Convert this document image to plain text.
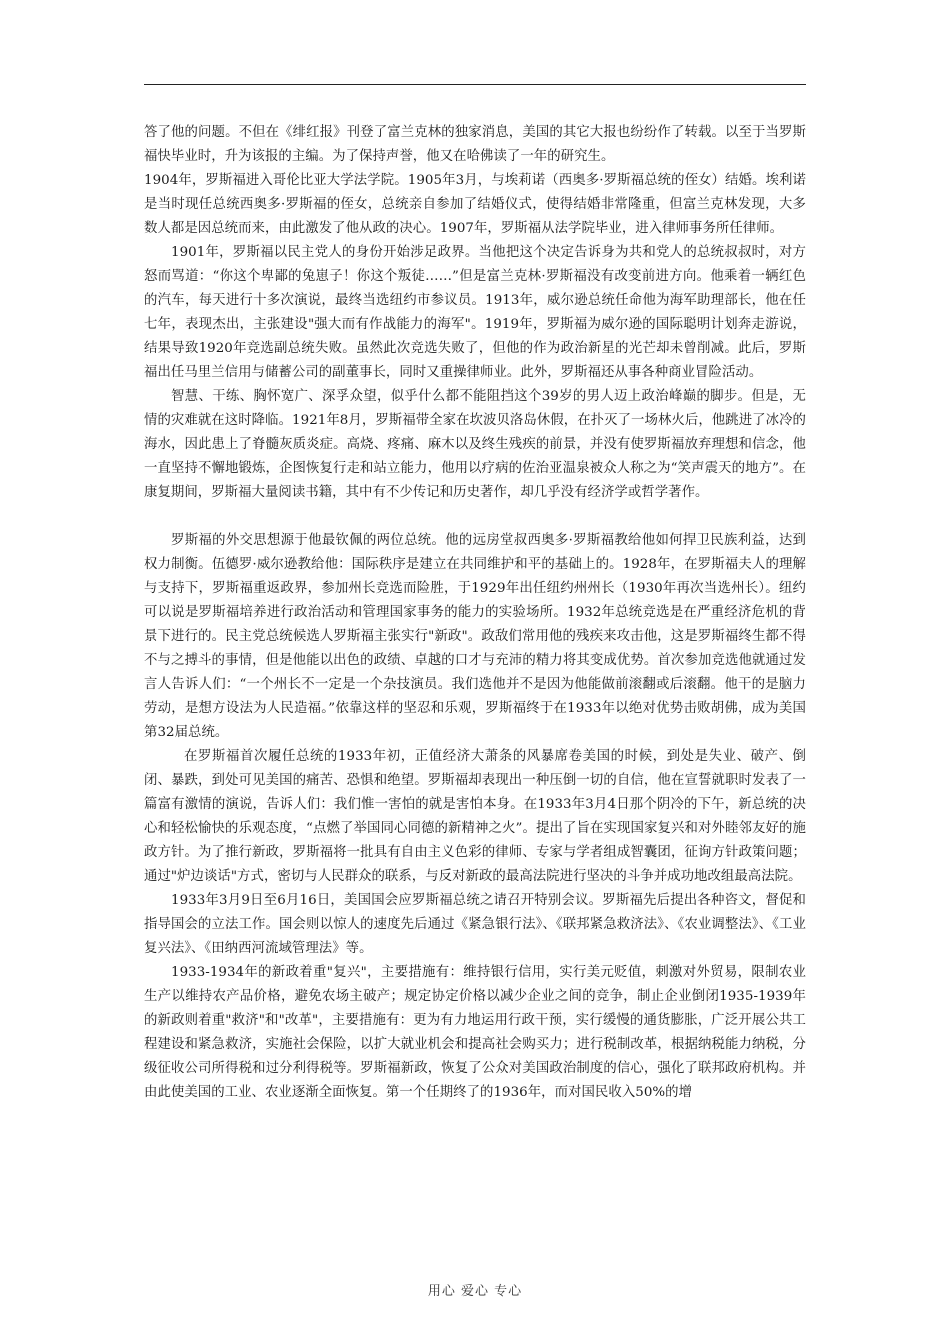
答了他的问题。不但在《绯红报》刊登了富兰克林的独家消息，美国的其它大报也纷纷作了转载。以至于当罗斯福快毕业时，升为该报的主编。为了保持声誉，他又在哈佛读了一年的研究生。

1904年，罗斯福进入哥伦比亚大学法学院。1905年3月，与埃莉诺（西奥多·罗斯福总统的侄女）结婚。埃利诺是当时现任总统西奥多·罗斯福的侄女，总统亲自参加了结婚仪式，使得结婚非常隆重，但富兰克林发现，大多数人都是因总统而来，由此激发了他从政的决心。1907年，罗斯福从法学院毕业，进入律师事务所任律师。

1901年，罗斯福以民主党人的身份开始涉足政界。当他把这个决定告诉身为共和党人的总统叔叔时，对方怒而骂道：“你这个卑鄙的兔崽子！你这个叛徒……”但是富兰克林·罗斯福没有改变前进方向。他乘着一辆红色的汽车，每天进行十多次演说，最终当选纽约市参议员。1913年，威尔逊总统任命他为海军助理部长，他在任七年，表现杰出，主张建设"强大而有作战能力的海军"。1919年，罗斯福为威尔逊的国际聪明计划奔走游说，结果导致1920年竞选副总统失败。虽然此次竞选失败了，但他的作为政治新星的光芒却未曾削减。此后，罗斯福出任马里兰信用与储蓄公司的副董事长，同时又重操律师业。此外，罗斯福还从事各种商业冒险活动。

智慧、干练、胸怀宽广、深孚众望，似乎什么都不能阻挡这个39岁的男人迈上政治峰巅的脚步。但是，无情的灾难就在这时降临。1921年8月，罗斯福带全家在坎波贝洛岛休假，在扑灭了一场林火后，他跳进了冰冷的海水，因此患上了脊髓灰质炎症。高烧、疼痛、麻木以及终生残疾的前景，并没有使罗斯福放弃理想和信念，他一直坚持不懈地锻炼，企图恢复行走和站立能力，他用以疗病的佐治亚温泉被众人称之为“笑声震天的地方”。在康复期间，罗斯福大量阅读书籍，其中有不少传记和历史著作，却几乎没有经济学或哲学著作。

罗斯福的外交思想源于他最钦佩的两位总统。他的远房堂叔西奥多·罗斯福教给他如何捍卫民族利益，达到权力制衡。伍德罗·威尔逊教给他：国际秩序是建立在共同维护和平的基础上的。1928年，在罗斯福夫人的理解与支持下，罗斯福重返政界，参加州长竞选而险胜，于1929年出任纽约州州长（1930年再次当选州长）。纽约可以说是罗斯福培养进行政治活动和管理国家事务的能力的实验场所。1932年总统竞选是在严重经济危机的背景下进行的。民主党总统候选人罗斯福主张实行"新政"。政敌们常用他的残疾来攻击他，这是罗斯福终生都不得不与之搏斗的事情，但是他能以出色的政绩、卓越的口才与充沛的精力将其变成优势。首次参加竞选他就通过发言人告诉人们：“一个州长不一定是一个杂技演员。我们选他并不是因为他能做前滚翻或后滚翻。他干的是脑力劳动，是想方设法为人民造福。”依靠这样的坚忍和乐观，罗斯福终于在1933年以绝对优势击败胡佛，成为美国第32届总统。

在罗斯福首次履任总统的1933年初，正值经济大萧条的风暴席卷美国的时候，到处是失业、破产、倒闭、暴跌，到处可见美国的痛苦、恐惧和绝望。罗斯福却表现出一种压倒一切的自信，他在宣誓就职时发表了一篇富有激情的演说，告诉人们：我们惟一害怕的就是害怕本身。在1933年3月4日那个阴冷的下午，新总统的决心和轻松愉快的乐观态度，“点燃了举国同心同德的新精神之火”。提出了旨在实现国家复兴和对外睦邻友好的施政方针。为了推行新政，罗斯福将一批具有自由主义色彩的律师、专家与学者组成智囊团，征询方针政策问题；通过"炉边谈话"方式，密切与人民群众的联系，与反对新政的最高法院进行坚决的斗争并成功地改组最高法院。

1933年3月9日至6月16日，美国国会应罗斯福总统之请召开特别会议。罗斯福先后提出各种咨文，督促和指导国会的立法工作。国会则以惊人的速度先后通过《紧急银行法》、《联邦紧急救济法》、《农业调整法》、《工业复兴法》、《田纳西河流域管理法》等。

1933-1934年的新政着重"复兴"，主要措施有：维持银行信用，实行美元贬值，刺激对外贸易，限制农业生产以维持农产品价格，避免农场主破产；规定协定价格以减少企业之间的竞争，制止企业倒闭1935-1939年的新政则着重"救济"和"改革"，主要措施有：更为有力地运用行政干预，实行缓慢的通货膨胀，广泛开展公共工程建设和紧急救济，实施社会保险，以扩大就业机会和提高社会购买力；进行税制改革，根据纳税能力纳税，分级征收公司所得税和过分利得税等。罗斯福新政，恢复了公众对美国政治制度的信心，强化了联邦政府机构。并由此使美国的工业、农业逐渐全面恢复。第一个任期终了的1936年，而对国民收入50%的增

用心 爱心 专心
